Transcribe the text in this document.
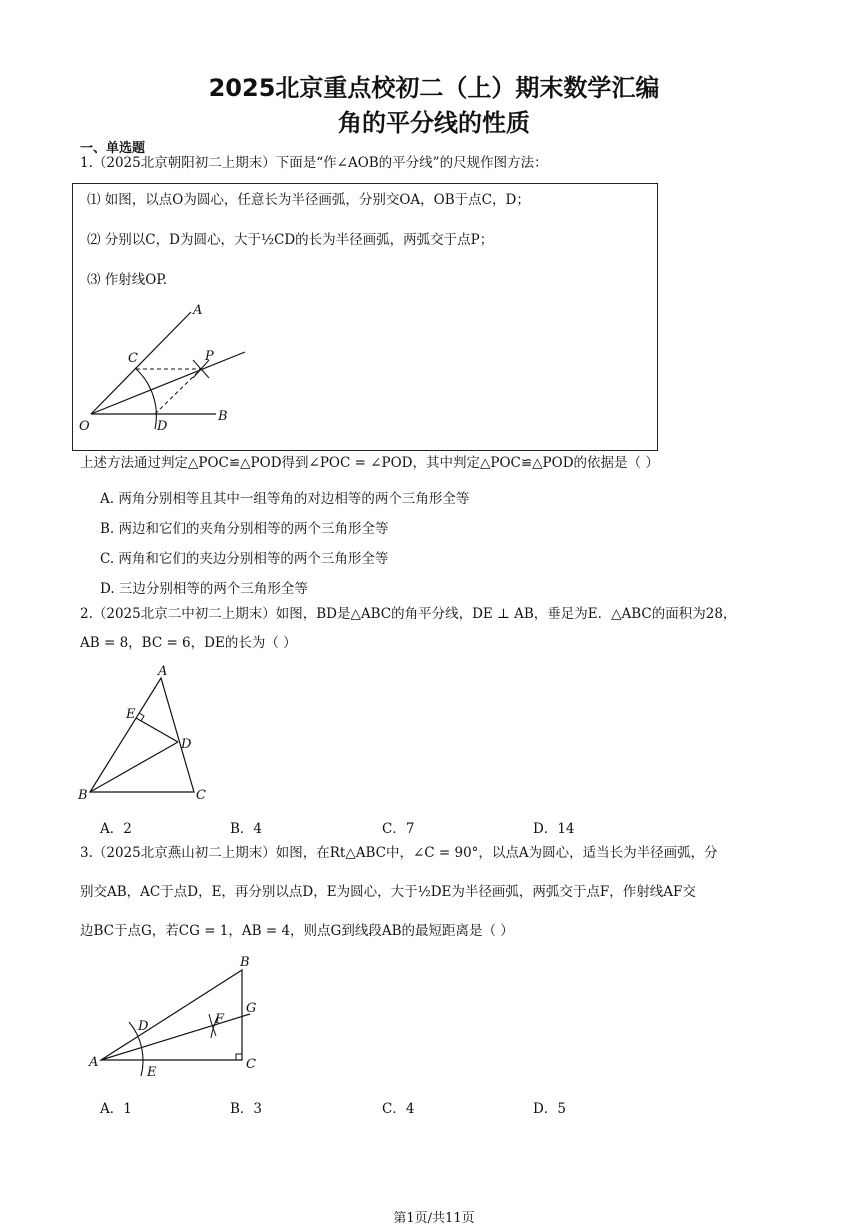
2025北京重点校初二（上）期末数学汇编
角的平分线的性质
一、单选题
1.（2025北京朝阳初二上期末）下面是“作∠AOB的平分线”的尺规作图方法：
⑴ 如图，以点O为圆心，任意长为半径画弧，分别交OA，OB于点C，D；
⑵ 分别以C，D为圆心，大于½CD的长为半径画弧，两弧交于点P；
⑶ 作射线OP.
A
C	P
O	D
B
上述方法通过判定△POC≌△POD得到∠POC = ∠POD，其中判定△POC≌△POD的依据是（ ）
A. 两角分别相等且其中一组等角的对边相等的两个三角形全等
B. 两边和它们的夹角分别相等的两个三角形全等
C. 两角和它们的夹边分别相等的两个三角形全等
D. 三边分别相等的两个三角形全等
2.（2025北京二中初二上期末）如图，BD是△ABC的角平分线，DE ⊥ AB，垂足为E．△ABC的面积为28，
AB = 8，BC = 6，DE的长为（ ）
A
E
D
B	C
A．2	B．4	C．7	D．14
3.（2025北京燕山初二上期末）如图，在Rt△ABC中，∠C = 90°，以点A为圆心，适当长为半径画弧，分
别交AB，AC于点D，E，再分别以点D，E为圆心，大于½DE为半径画弧，两弧交于点F，作射线AF交
边BC于点G，若CG = 1，AB = 4，则点G到线段AB的最短距离是（ ）
B
G
D	F
A
E
C
A．1	B．3	C．4	D．5
第1页/共11页
